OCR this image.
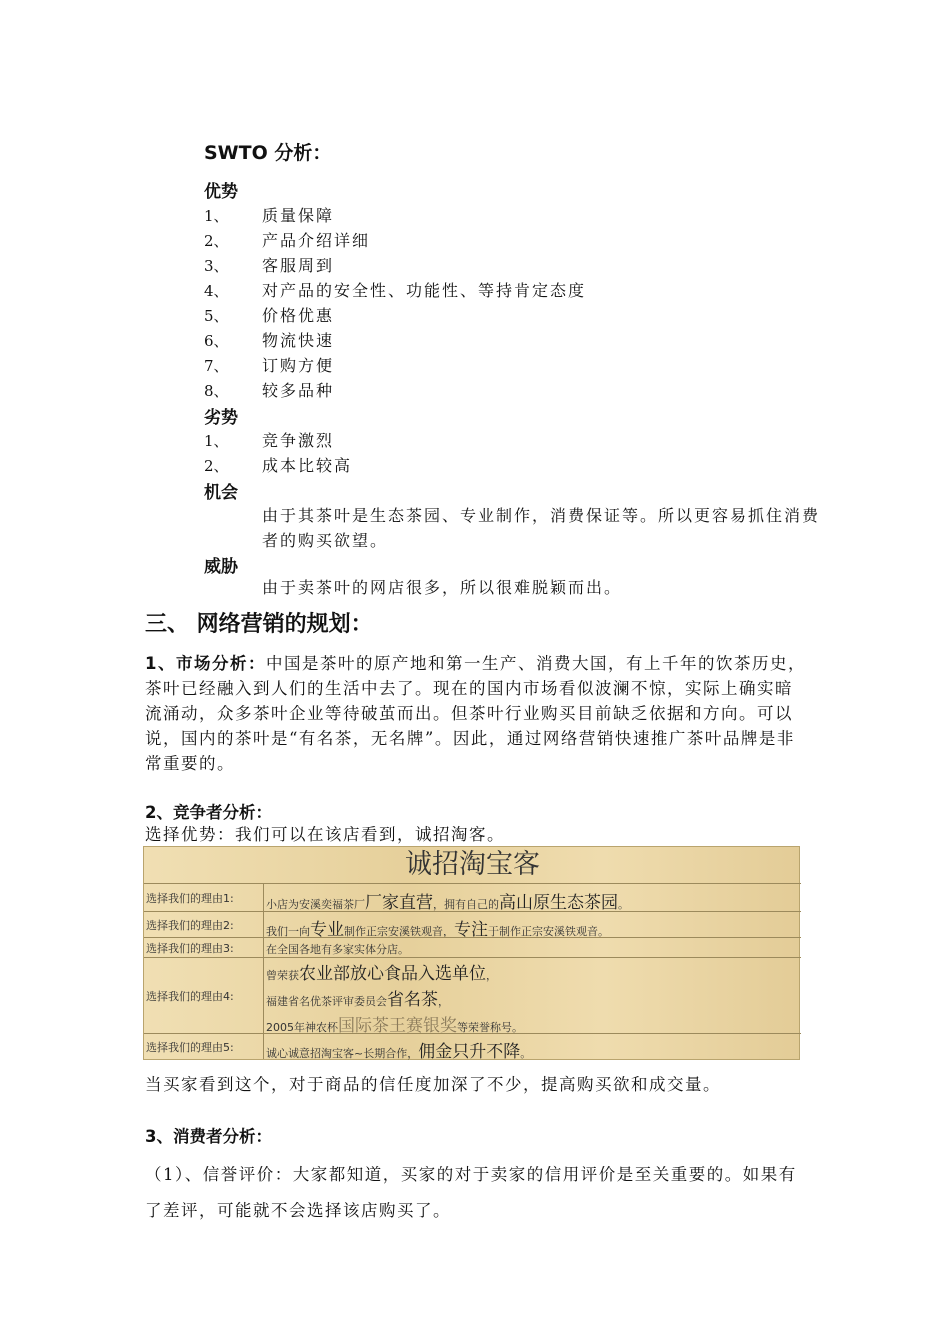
SWTO 分析：
优势
1、 质量保障
2、 产品介绍详细
3、 客服周到
4、 对产品的安全性、功能性、等持肯定态度
5、 价格优惠
6、 物流快速
7、 订购方便
8、 较多品种
劣势
1、 竞争激烈
2、 成本比较高
机会
由于其茶叶是生态茶园、专业制作，消费保证等。所以更容易抓住消费者的购买欲望。
威胁
由于卖茶叶的网店很多，所以很难脱颖而出。
三、 网络营销的规划：
1、市场分析：中国是茶叶的原产地和第一生产、消费大国，有上千年的饮茶历史，茶叶已经融入到人们的生活中去了。现在的国内市场看似波澜不惊，实际上确实暗流涌动，众多茶叶企业等待破茧而出。但茶叶行业购买目前缺乏依据和方向。可以说，国内的茶叶是“有名茶，无名牌”。因此，通过网络营销快速推广茶叶品牌是非常重要的。
2、竞争者分析：
选择优势：我们可以在该店看到，诚招淘客。
诚招淘宝客
选择我们的理由1:	小店为安溪奕福茶厂厂家直营，拥有自己的高山原生态茶园。
选择我们的理由2:	我们一向专业制作正宗安溪铁观音，专注于制作正宗安溪铁观音。
选择我们的理由3:	在全国各地有多家实体分店。
选择我们的理由4:
曾荣获农业部放心食品入选单位，
福建省名优茶评审委员会省名茶，
2005年神农杯国际茶王赛银奖等荣誉称号。
选择我们的理由5:	诚心诚意招淘宝客~长期合作，佣金只升不降。
当买家看到这个，对于商品的信任度加深了不少，提高购买欲和成交量。
3、消费者分析：
（1）、信誉评价：大家都知道，买家的对于卖家的信用评价是至关重要的。如果有了差评，可能就不会选择该店购买了。
